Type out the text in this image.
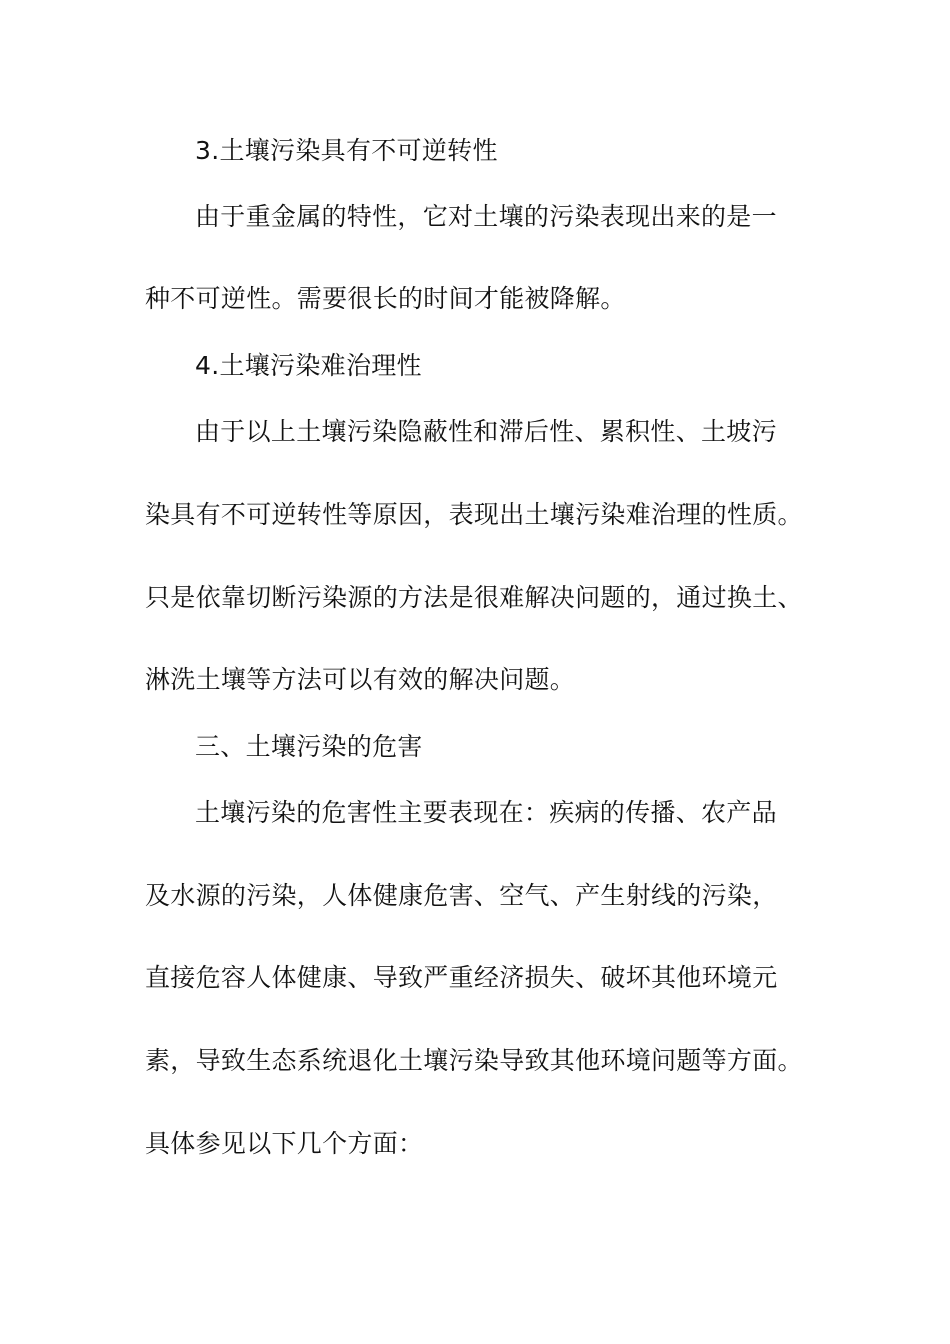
3.土壤污染具有不可逆转性
由于重金属的特性，它对土壤的污染表现出来的是一
种不可逆性。需要很长的时间才能被降解。
4.土壤污染难治理性
由于以上土壤污染隐蔽性和滞后性、累积性、土坡污
染具有不可逆转性等原因，表现出土壤污染难治理的性质。
只是依靠切断污染源的方法是很难解决问题的，通过换土、
淋洗土壤等方法可以有效的解决问题。
三、土壤污染的危害
土壤污染的危害性主要表现在：疾病的传播、农产品
及水源的污染，人体健康危害、空气、产生射线的污染，
直接危容人体健康、导致严重经济损失、破坏其他环境元
素，导致生态系统退化土壤污染导致其他环境问题等方面。
具体参见以下几个方面：
